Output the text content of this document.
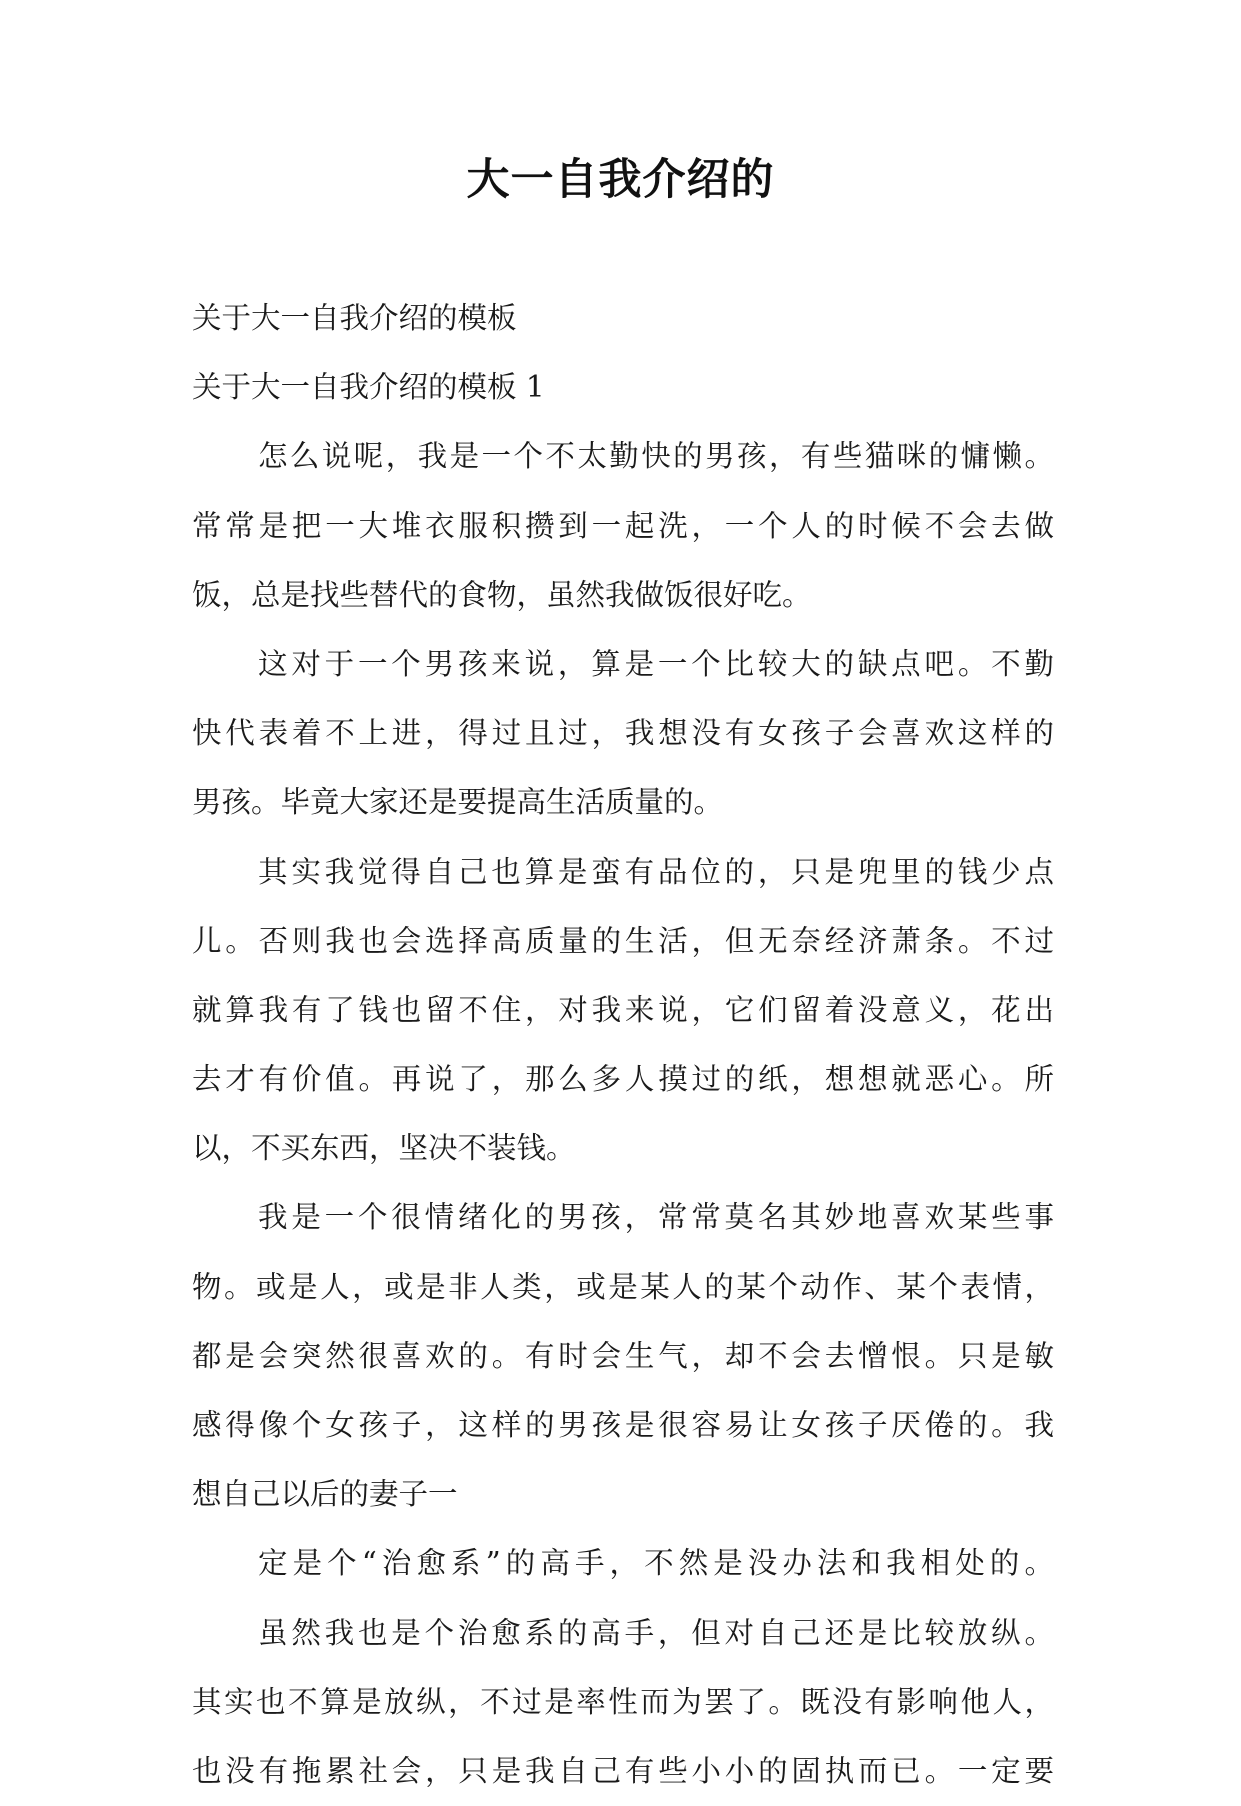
大一自我介绍的
关于大一自我介绍的模板
关于大一自我介绍的模板 1
怎么说呢，我是一个不太勤快的男孩，有些猫咪的慵懒。
常常是把一大堆衣服积攒到一起洗，一个人的时候不会去做
饭，总是找些替代的食物，虽然我做饭很好吃。
这对于一个男孩来说，算是一个比较大的缺点吧。不勤
快代表着不上进，得过且过，我想没有女孩子会喜欢这样的
男孩。毕竟大家还是要提高生活质量的。
其实我觉得自己也算是蛮有品位的，只是兜里的钱少点
儿。否则我也会选择高质量的生活，但无奈经济萧条。不过
就算我有了钱也留不住，对我来说，它们留着没意义，花出
去才有价值。再说了，那么多人摸过的纸，想想就恶心。所
以，不买东西，坚决不装钱。
我是一个很情绪化的男孩，常常莫名其妙地喜欢某些事
物。或是人，或是非人类，或是某人的某个动作、某个表情，
都是会突然很喜欢的。有时会生气，却不会去憎恨。只是敏
感得像个女孩子，这样的男孩是很容易让女孩子厌倦的。我
想自己以后的妻子一
定是个“治愈系”的高手，不然是没办法和我相处的。
虽然我也是个治愈系的高手，但对自己还是比较放纵。
其实也不算是放纵，不过是率性而为罢了。既没有影响他人，
也没有拖累社会，只是我自己有些小小的固执而已。一定要
